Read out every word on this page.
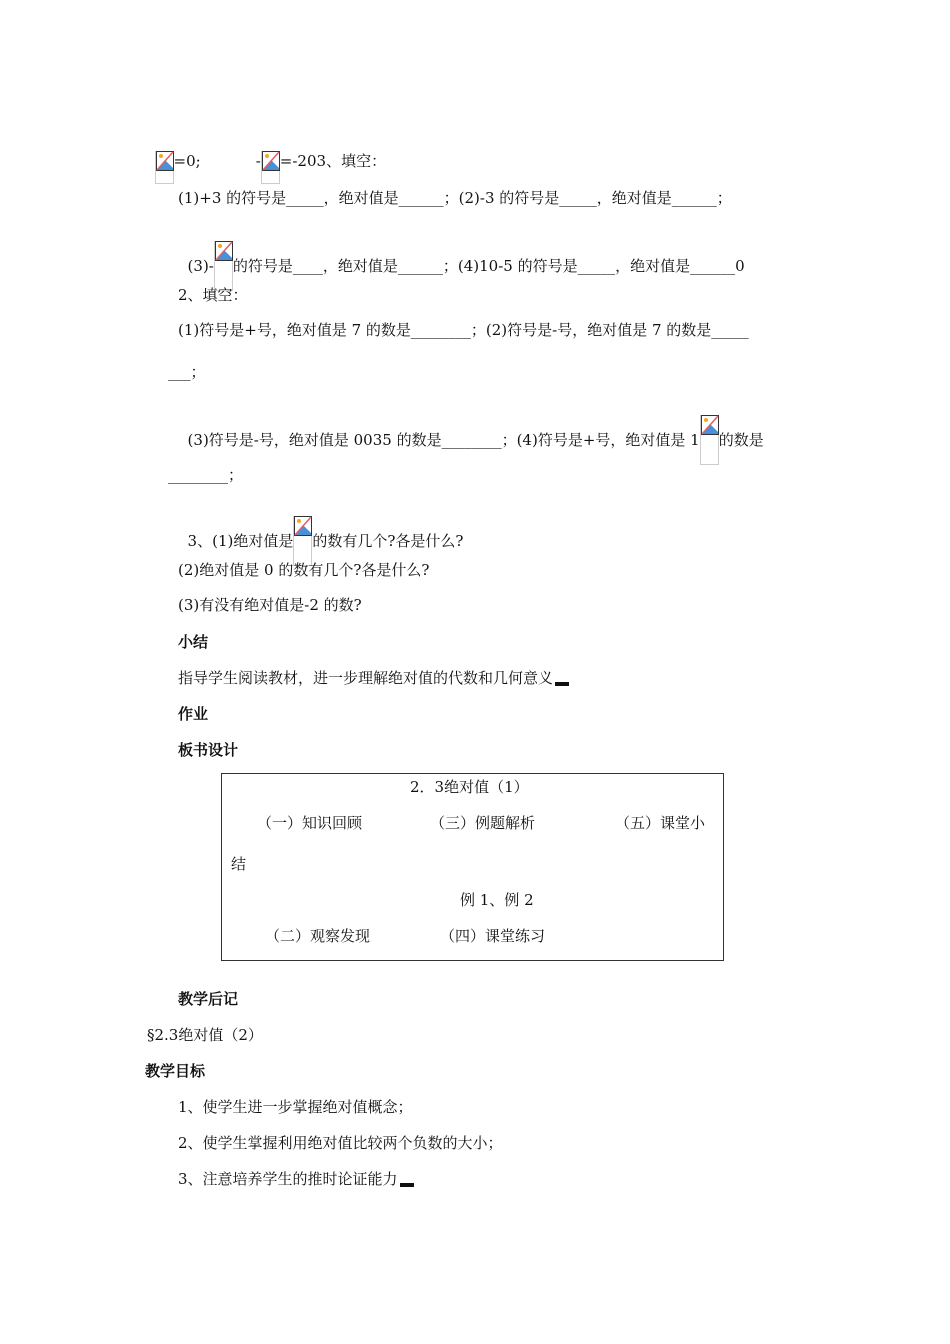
=0;	- =-203、填空：

(1)+3 的符号是_____，绝对值是______；(2)-3 的符号是_____，绝对值是______；

(3)- 的符号是____，绝对值是______；(4)10-5 的符号是_____，绝对值是______0

2、填空：
(1)符号是+号，绝对值是 7 的数是________；(2)符号是-号，绝对值是 7 的数是_____
___；

(3)符号是-号，绝对值是 0035 的数是________；(4)符号是+号，绝对值是 1 的数是

________；

3、(1)绝对值是 的数有几个?各是什么?

(2)绝对值是 0 的数有几个?各是什么?
(3)有没有绝对值是-2 的数?
小结
指导学生阅读教材，进一步理解绝对值的代数和几何意义
作业
板书设计
2．3绝对值（1）
（一）知识回顾	（三）例题解析	（五）课堂小
结
例 1、例 2
（二）观察发现	（四）课堂练习
教学后记
§2.3绝对值（2）
教学目标
1、使学生进一步掌握绝对值概念；
2、使学生掌握利用绝对值比较两个负数的大小；
3、注意培养学生的推时论证能力
